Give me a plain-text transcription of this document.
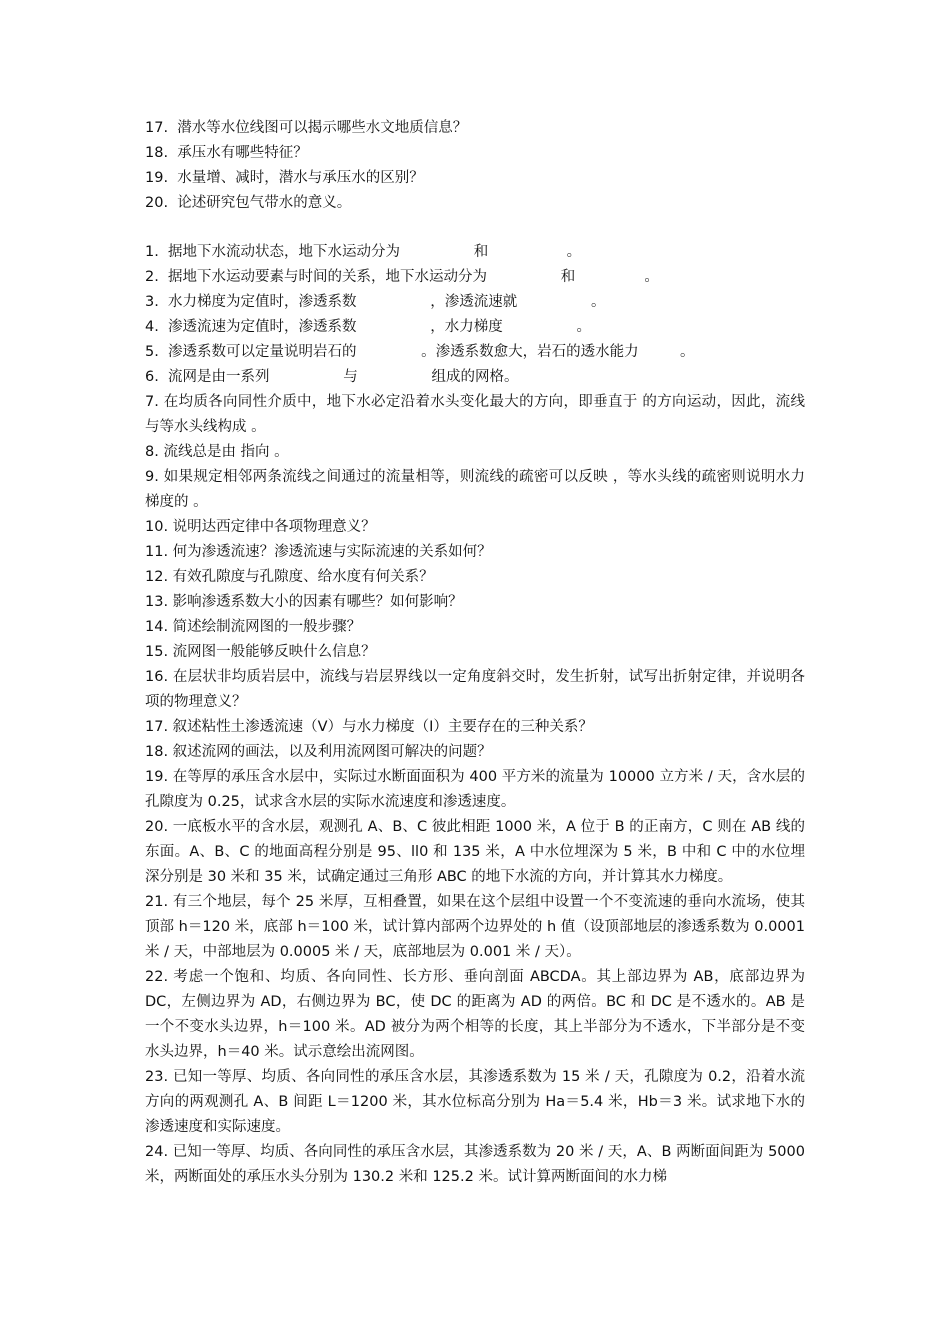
17.  潜水等水位线图可以揭示哪些水文地质信息？
18.  承压水有哪些特征？
19.  水量增、减时，潜水与承压水的区别？
20.  论述研究包气带水的意义。
1.  据地下水流动状态，地下水运动分为                和                 。
2.  据地下水运动要素与时间的关系，地下水运动分为                和               。
3.  水力梯度为定值时，渗透系数                ，渗透流速就                。
4.  渗透流速为定值时，渗透系数                ，水力梯度                。
5.  渗透系数可以定量说明岩石的              。渗透系数愈大，岩石的透水能力         。
6.  流网是由一系列                与                组成的网格。
7. 在均质各向同性介质中，地下水必定沿着水头变化最大的方向，即垂直于 的方向运动，因此，流线与等水头线构成 。
8. 流线总是由 指向 。
9. 如果规定相邻两条流线之间通过的流量相等，则流线的疏密可以反映 ，等水头线的疏密则说明水力梯度的 。
10. 说明达西定律中各项物理意义？
11. 何为渗透流速？渗透流速与实际流速的关系如何？
12. 有效孔隙度与孔隙度、给水度有何关系？
13. 影响渗透系数大小的因素有哪些？如何影响？
14. 简述绘制流网图的一般步骤？
15. 流网图一般能够反映什么信息？
16. 在层状非均质岩层中，流线与岩层界线以一定角度斜交时，发生折射，试写出折射定律，并说明各项的物理意义？
17. 叙述粘性土渗透流速（V）与水力梯度（I）主要存在的三种关系？
18. 叙述流网的画法，以及利用流网图可解决的问题？
19. 在等厚的承压含水层中，实际过水断面面积为 400 平方米的流量为 10000 立方米 / 天，含水层的孔隙度为 0.25，试求含水层的实际水流速度和渗透速度。
20. 一底板水平的含水层，观测孔 A、B、C 彼此相距 1000 米，A 位于 B 的正南方，C 则在 AB 线的东面。A、B、C 的地面高程分别是 95、ll0 和 135 米，A 中水位埋深为 5 米，B 中和 C 中的水位埋深分别是 30 米和 35 米，试确定通过三角形 ABC 的地下水流的方向，并计算其水力梯度。
21. 有三个地层，每个 25 米厚，互相叠置，如果在这个层组中设置一个不变流速的垂向水流场，使其顶部 h＝120 米，底部 h＝100 米，试计算内部两个边界处的 h 值（设顶部地层的渗透系数为 0.0001 米 / 天，中部地层为 0.0005 米 / 天，底部地层为 0.001 米 / 天）。
22. 考虑一个饱和、均质、各向同性、长方形、垂向剖面 ABCDA。其上部边界为 AB，底部边界为 DC，左侧边界为 AD，右侧边界为 BC，使 DC 的距离为 AD 的两倍。BC 和 DC 是不透水的。AB 是一个不变水头边界，h＝100 米。AD 被分为两个相等的长度，其上半部分为不透水，下半部分是不变水头边界，h＝40 米。试示意绘出流网图。
23. 已知一等厚、均质、各向同性的承压含水层，其渗透系数为 15 米 / 天，孔隙度为 0.2，沿着水流方向的两观测孔 A、B 间距 L＝1200 米，其水位标高分别为 Ha＝5.4 米，Hb＝3 米。试求地下水的渗透速度和实际速度。
24. 已知一等厚、均质、各向同性的承压含水层，其渗透系数为 20 米 / 天，A、B 两断面间距为 5000 米，两断面处的承压水头分别为 130.2 米和 125.2 米。试计算两断面间的水力梯
